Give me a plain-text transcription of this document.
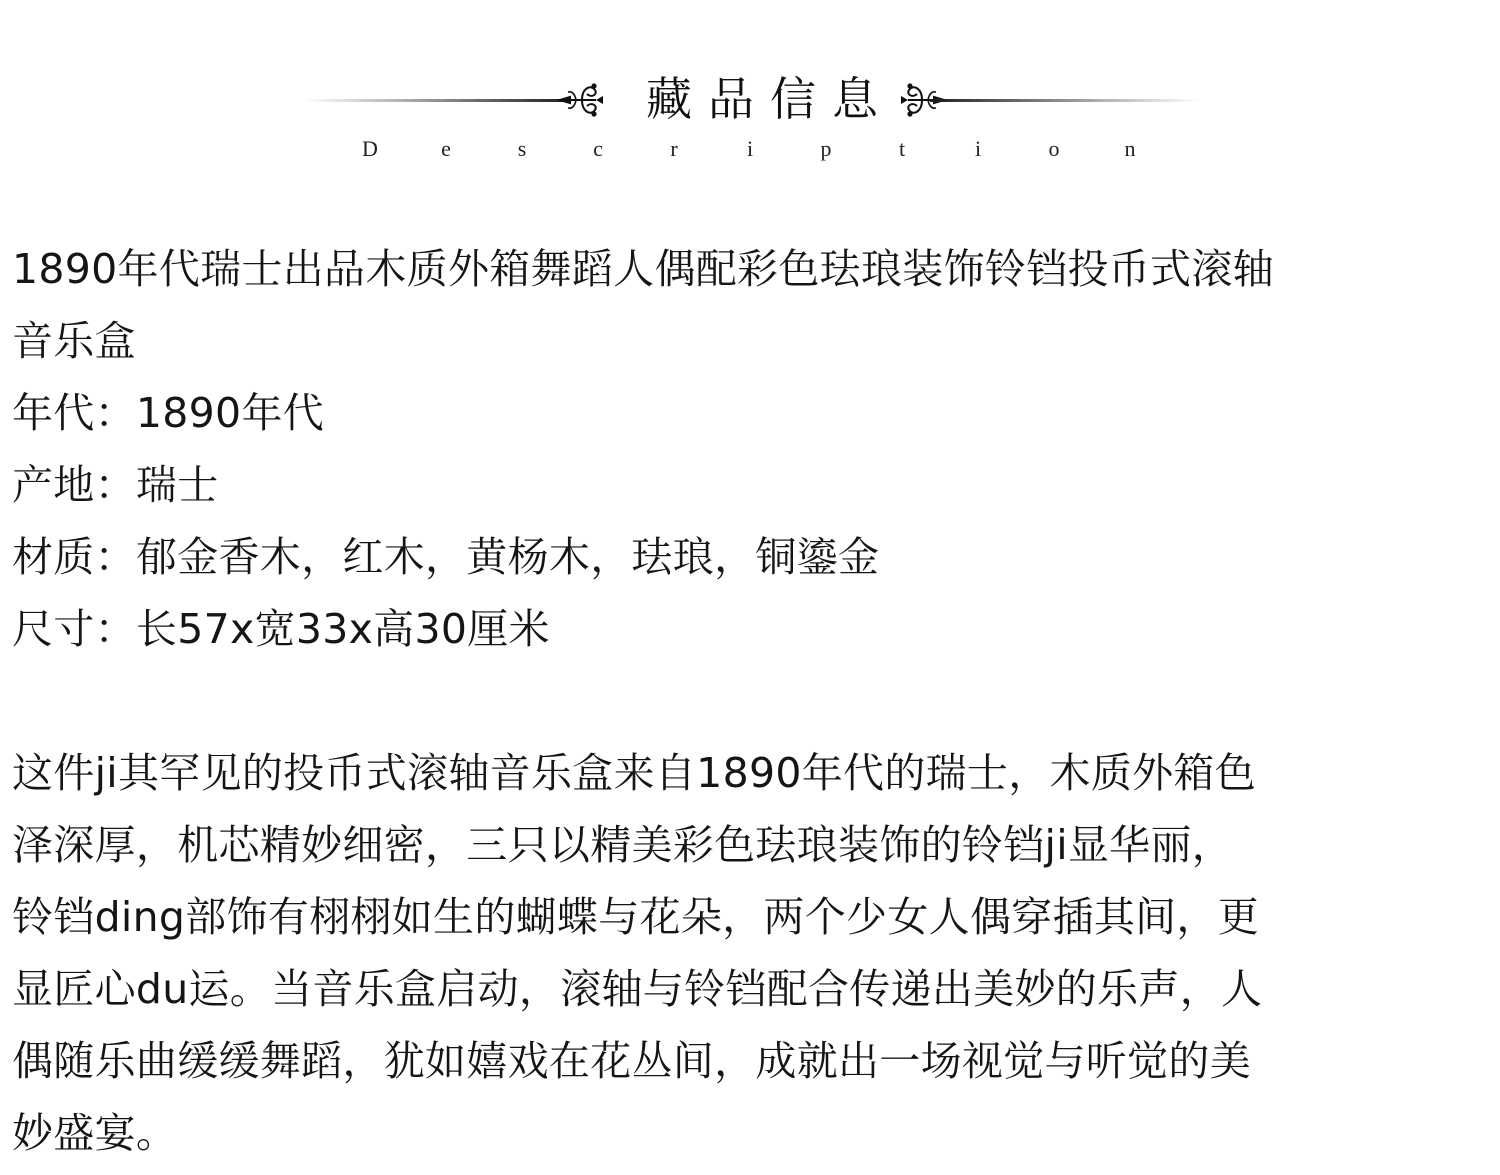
藏品信息
D	e	s	c	r	i	p	t	i	o	n
1890年代瑞士出品木质外箱舞蹈人偶配彩色珐琅装饰铃铛投币式滚轴
音乐盒
年代：1890年代
产地：瑞士
材质：郁金香木，红木，黄杨木，珐琅，铜鎏金
尺寸：长57x宽33x高30厘米
这件ji其罕见的投币式滚轴音乐盒来自1890年代的瑞士，木质外箱色
泽深厚，机芯精妙细密，三只以精美彩色珐琅装饰的铃铛ji显华丽，
铃铛ding部饰有栩栩如生的蝴蝶与花朵，两个少女人偶穿插其间，更
显匠心du运。当音乐盒启动，滚轴与铃铛配合传递出美妙的乐声，人
偶随乐曲缓缓舞蹈，犹如嬉戏在花丛间，成就出一场视觉与听觉的美
妙盛宴。
